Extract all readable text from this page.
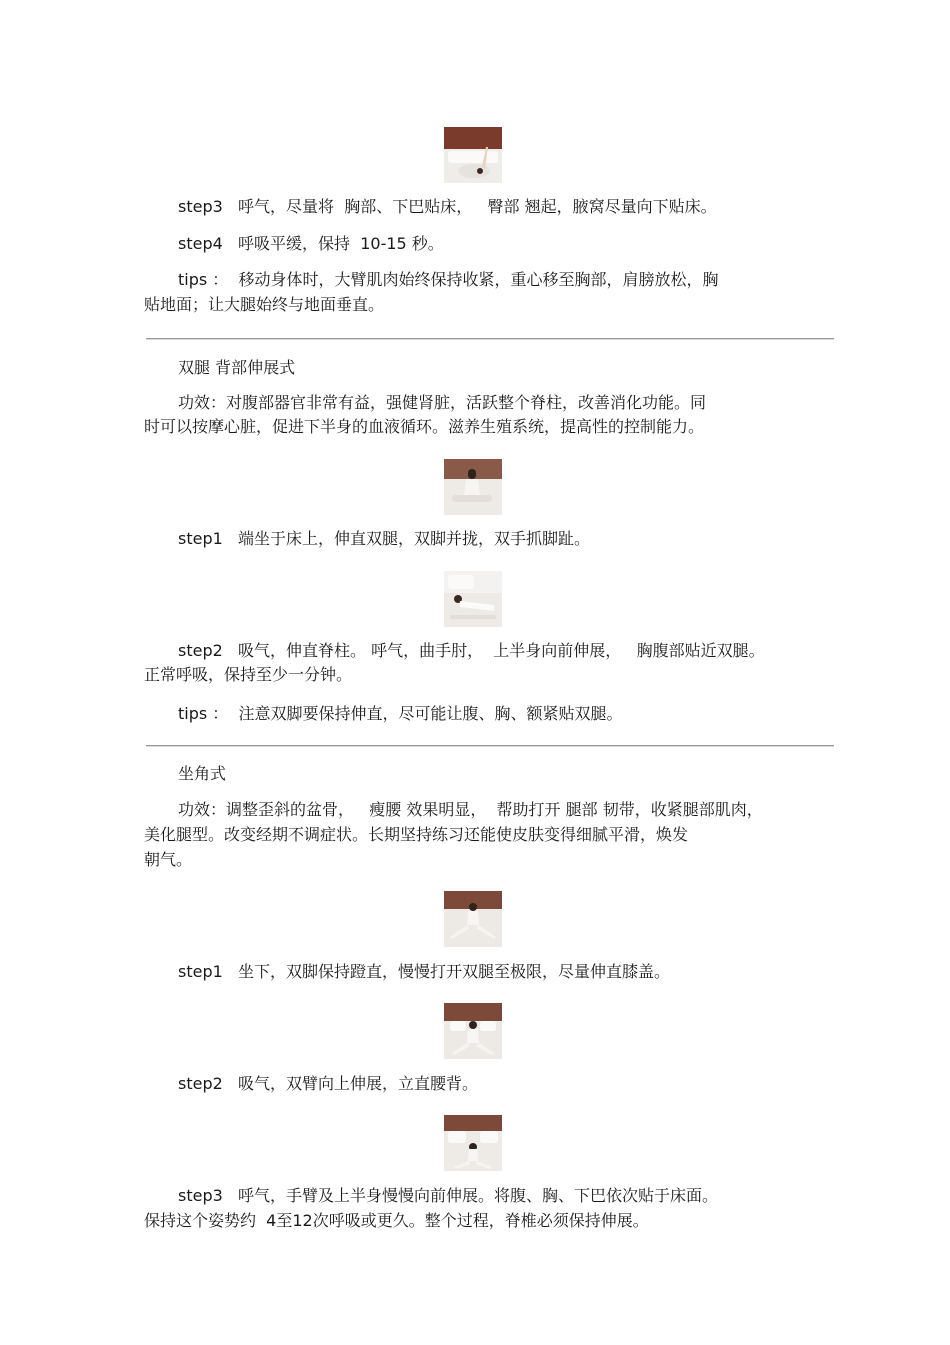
step3   呼气，尽量将  胸部、下巴贴床，   臀部 翘起，腋窝尽量向下贴床。
step4   呼吸平缓，保持  10-15 秒。
tips ：  移动身体时，大臂肌肉始终保持收紧，重心移至胸部，肩膀放松，胸
贴地面；让大腿始终与地面垂直。
双腿 背部伸展式
功效：对腹部器官非常有益，强健肾脏，活跃整个脊柱，改善消化功能。同
时可以按摩心脏，促进下半身的血液循环。滋养生殖系统，提高性的控制能力。
step1   端坐于床上，伸直双腿，双脚并拢，双手抓脚趾。
step2   吸气，伸直脊柱。 呼气，曲手肘，  上半身向前伸展，   胸腹部贴近双腿。
正常呼吸，保持至少一分钟。
tips ：  注意双脚要保持伸直，尽可能让腹、胸、额紧贴双腿。
坐角式
功效：调整歪斜的盆骨，   瘦腰 效果明显，  帮助打开 腿部 韧带，收紧腿部肌肉，
美化腿型。改变经期不调症状。长期坚持练习还能使皮肤变得细腻平滑，焕发
朝气。
step1   坐下，双脚保持蹬直，慢慢打开双腿至极限，尽量伸直膝盖。
step2   吸气，双臂向上伸展，立直腰背。
step3   呼气，手臂及上半身慢慢向前伸展。将腹、胸、下巴依次贴于床面。
保持这个姿势约  4至12次呼吸或更久。整个过程，脊椎必须保持伸展。
